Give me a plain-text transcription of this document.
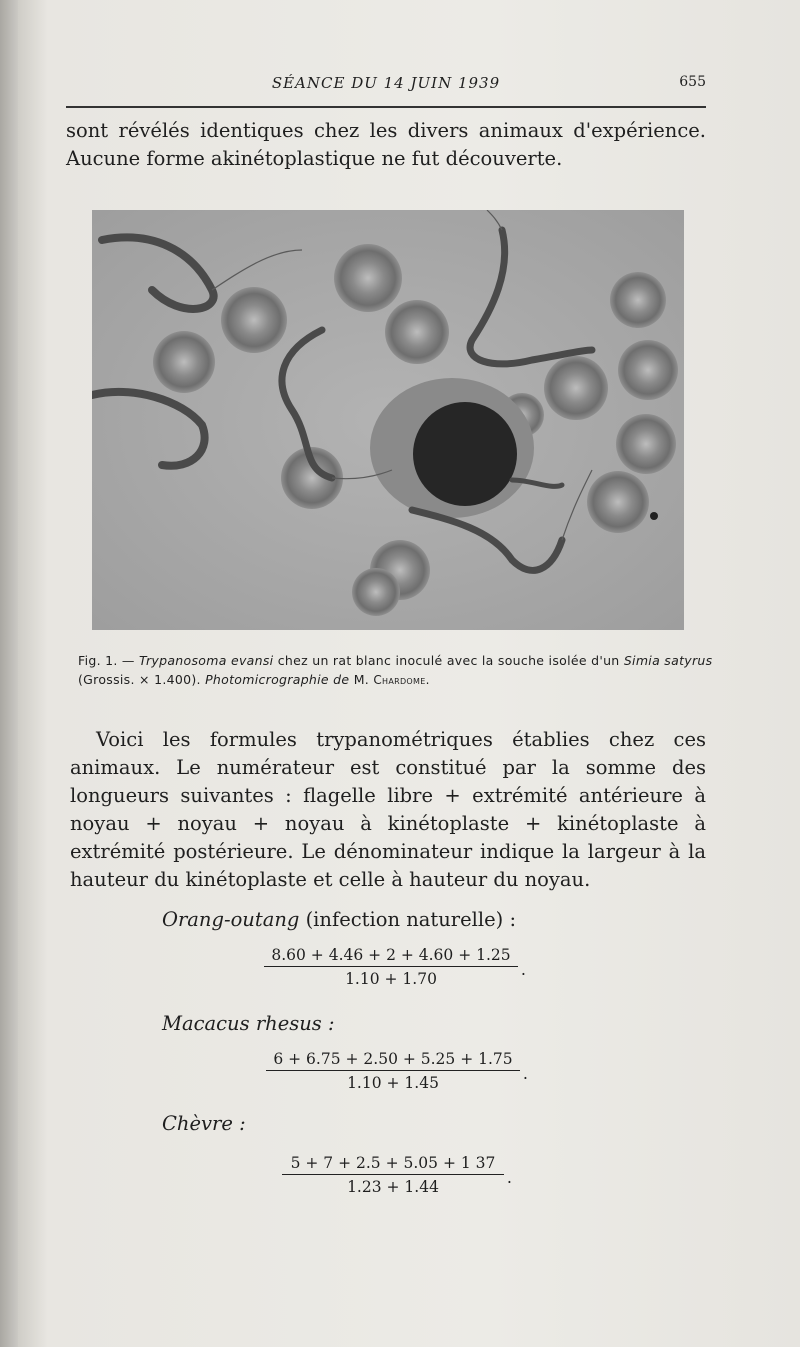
SÉANCE DU 14 JUIN 1939	655
sont révélés identiques chez les divers animaux d'expérience. Aucune forme akinétoplastique ne fut découverte.
Fig. 1. — Trypanosoma evansi chez un rat blanc inoculé avec la souche isolée d'un Simia satyrus (Grossis. × 1.400). Photomicrographie de M. Chardome.
Voici les formules trypanométriques établies chez ces animaux. Le numérateur est constitué par la somme des longueurs suivantes : flagelle libre + extrémité antérieure à noyau + noyau + noyau à kinétoplaste + kinétoplaste à extrémité postérieure. Le dénominateur indique la largeur à la hauteur du kinétoplaste et celle à hauteur du noyau.
Orang-outang (infection naturelle) :
8.60 + 4.46 + 2 + 4.60 + 1.25
1.10 + 1.70	.
Macacus rhesus :
6 + 6.75 + 2.50 + 5.25 + 1.75
1.10 + 1.45	.
Chèvre :
5 + 7 + 2.5 + 5.05 + 1 37
1.23 + 1.44	.
